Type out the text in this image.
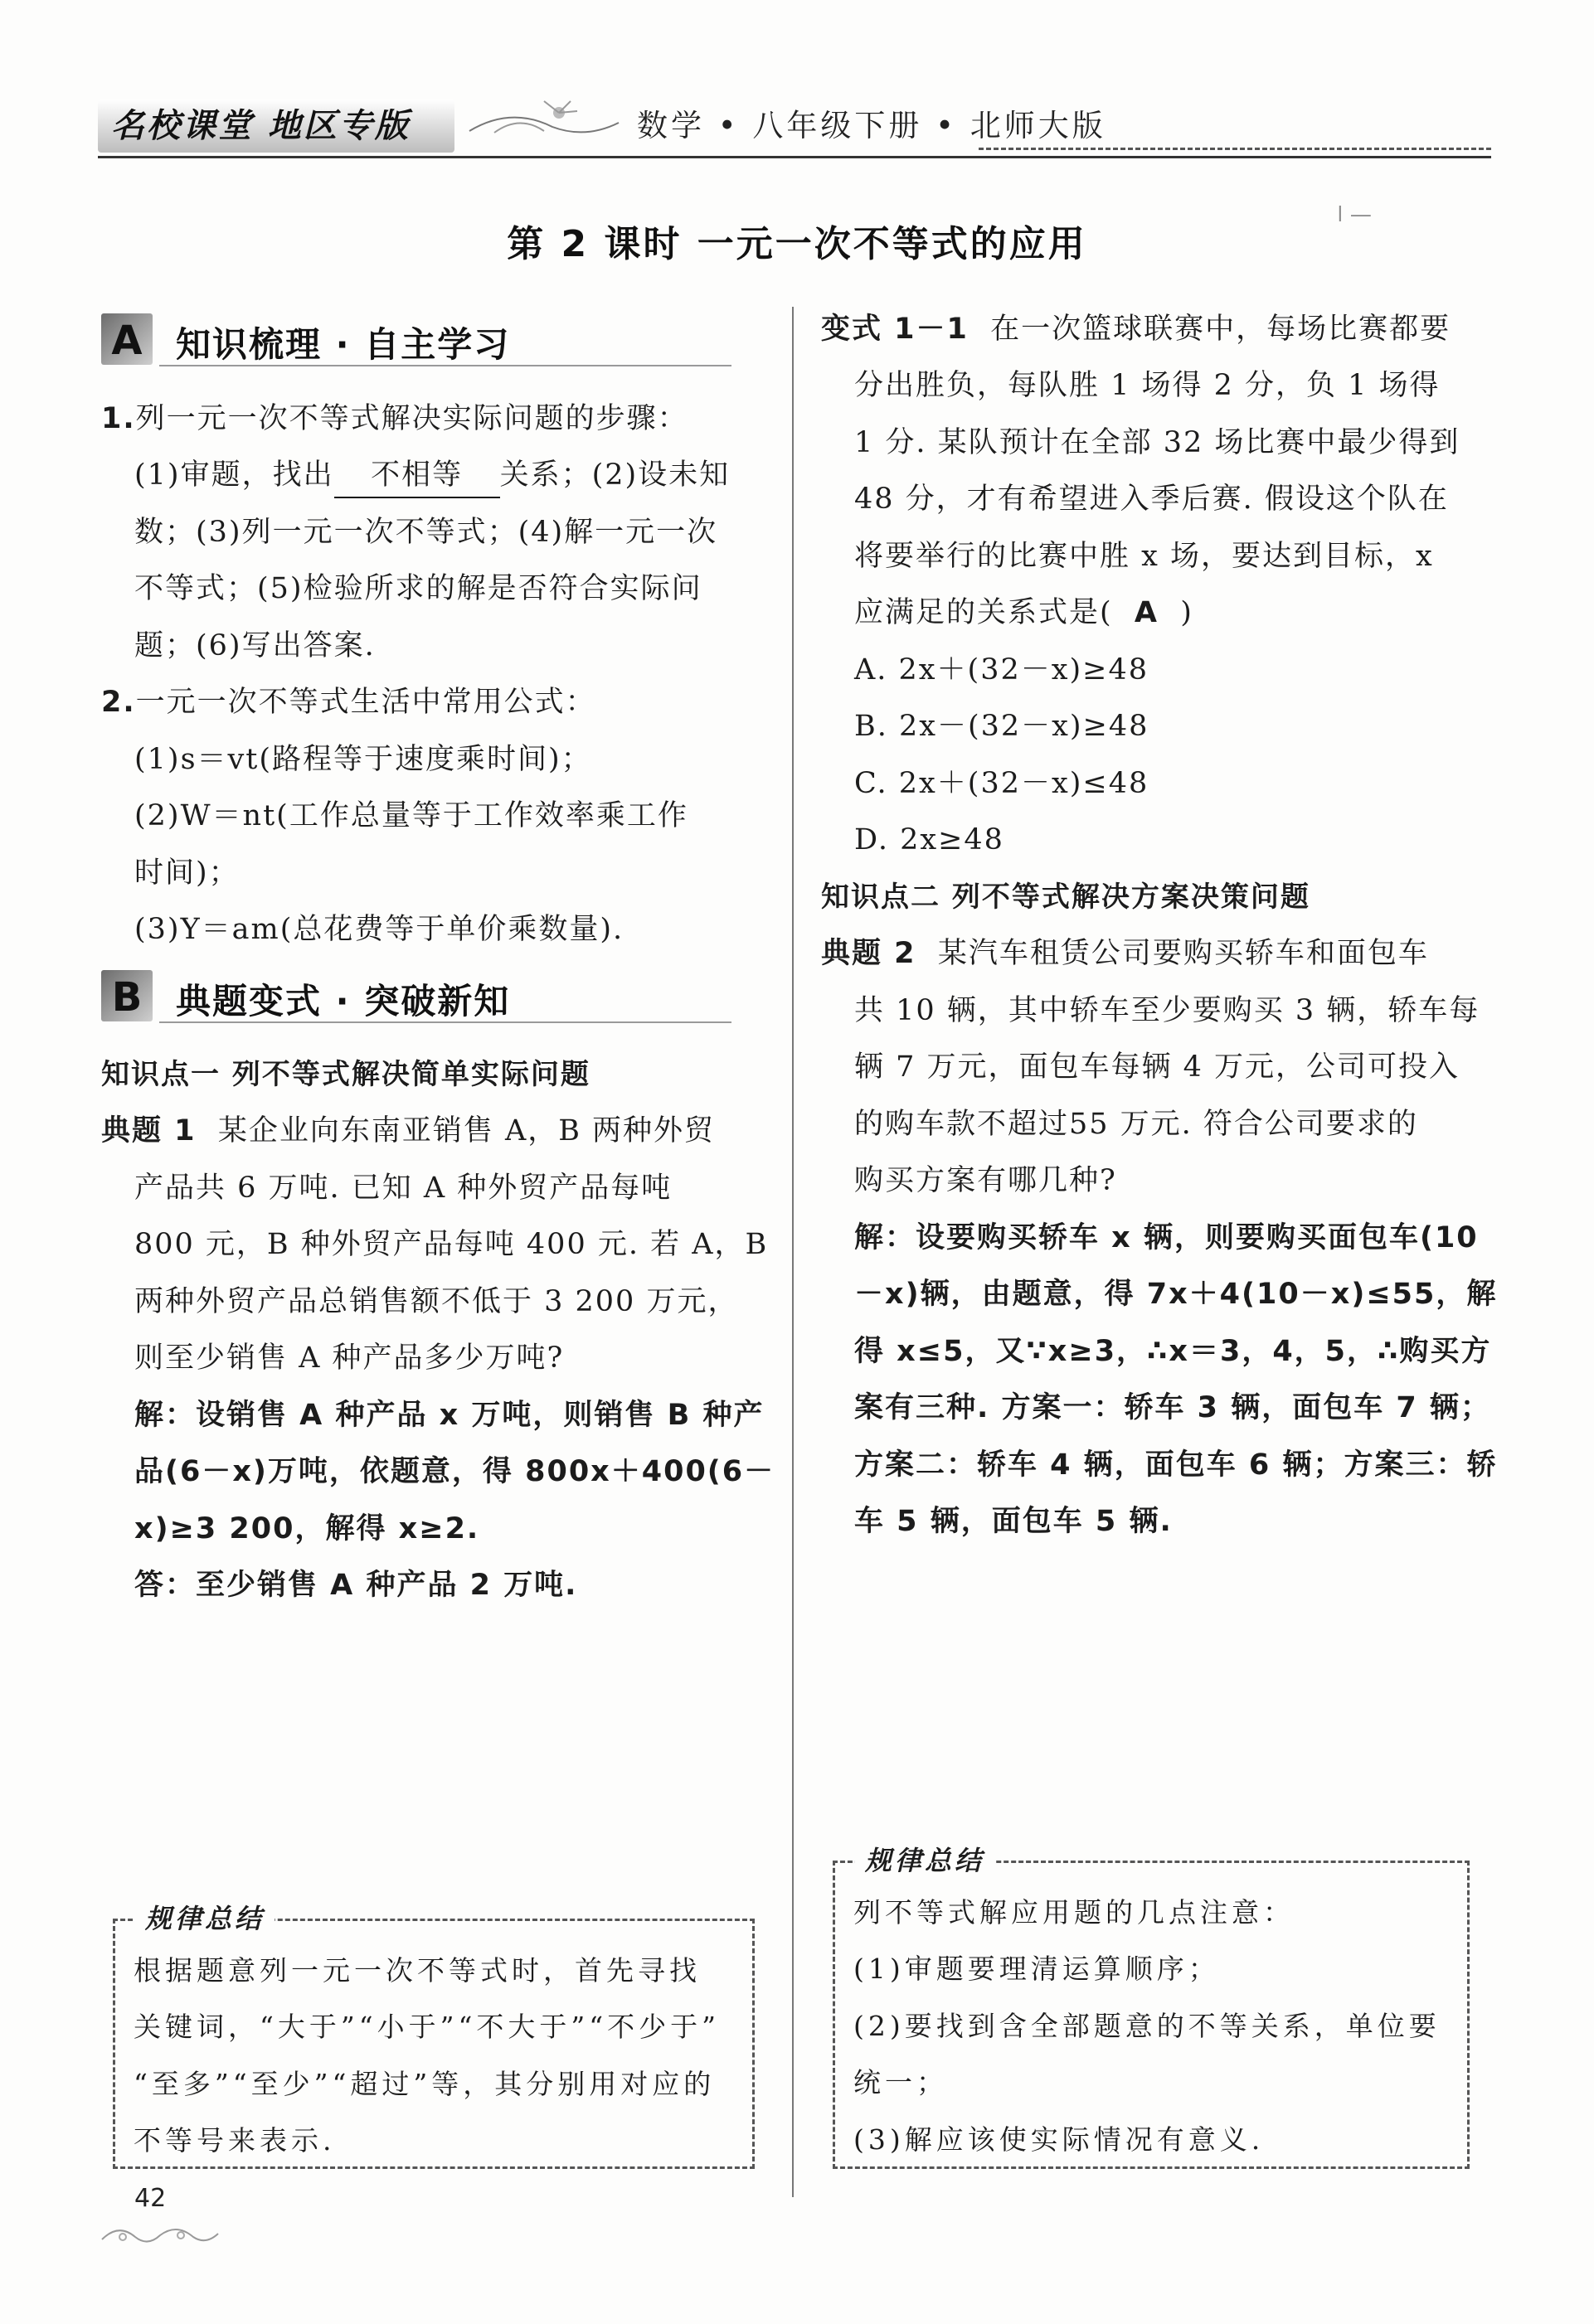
名校课堂 地区专版	数学 • 八年级下册 • 北师大版
第 2 课时 一元一次不等式的应用
ǀ —
A 知识梳理 · 自主学习
1.列一元一次不等式解决实际问题的步骤：
(1)审题，找出 不相等 关系；(2)设未知
数；(3)列一元一次不等式；(4)解一元一次
不等式；(5)检验所求的解是否符合实际问
题；(6)写出答案.
2.一元一次不等式生活中常用公式：
(1)s＝vt(路程等于速度乘时间)；
(2)W＝nt(工作总量等于工作效率乘工作
时间)；
(3)Y＝am(总花费等于单价乘数量).
B 典题变式 · 突破新知
知识点一 列不等式解决简单实际问题
典题 1 某企业向东南亚销售 A，B 两种外贸
产品共 6 万吨. 已知 A 种外贸产品每吨
800 元，B 种外贸产品每吨 400 元. 若 A，B
两种外贸产品总销售额不低于 3 200 万元，
则至少销售 A 种产品多少万吨?
解：设销售 A 种产品 x 万吨，则销售 B 种产
品(6－x)万吨，依题意，得 800x＋400(6－
x)≥3 200，解得 x≥2.
答：至少销售 A 种产品 2 万吨.
变式 1－1 在一次篮球联赛中，每场比赛都要
分出胜负，每队胜 1 场得 2 分，负 1 场得
1 分. 某队预计在全部 32 场比赛中最少得到
48 分，才有希望进入季后赛. 假设这个队在
将要举行的比赛中胜 x 场，要达到目标，x
应满足的关系式是( A )
A. 2x＋(32－x)≥48
B. 2x－(32－x)≥48
C. 2x＋(32－x)≤48
D. 2x≥48
知识点二 列不等式解决方案决策问题
典题 2 某汽车租赁公司要购买轿车和面包车
共 10 辆，其中轿车至少要购买 3 辆，轿车每
辆 7 万元，面包车每辆 4 万元，公司可投入
的购车款不超过55 万元. 符合公司要求的
购买方案有哪几种?
解：设要购买轿车 x 辆，则要购买面包车(10
－x)辆，由题意，得 7x＋4(10－x)≤55，解
得 x≤5，又∵x≥3，∴x＝3，4，5，∴购买方
案有三种. 方案一：轿车 3 辆，面包车 7 辆；
方案二：轿车 4 辆，面包车 6 辆；方案三：轿
车 5 辆，面包车 5 辆.
规律总结
根据题意列一元一次不等式时，首先寻找
关键词，“大于”“小于”“不大于”“不少于”
“至多”“至少”“超过”等，其分别用对应的
不等号来表示.
规律总结
列不等式解应用题的几点注意：
(1)审题要理清运算顺序；
(2)要找到含全部题意的不等关系，单位要
统一；
(3)解应该使实际情况有意义.
42
